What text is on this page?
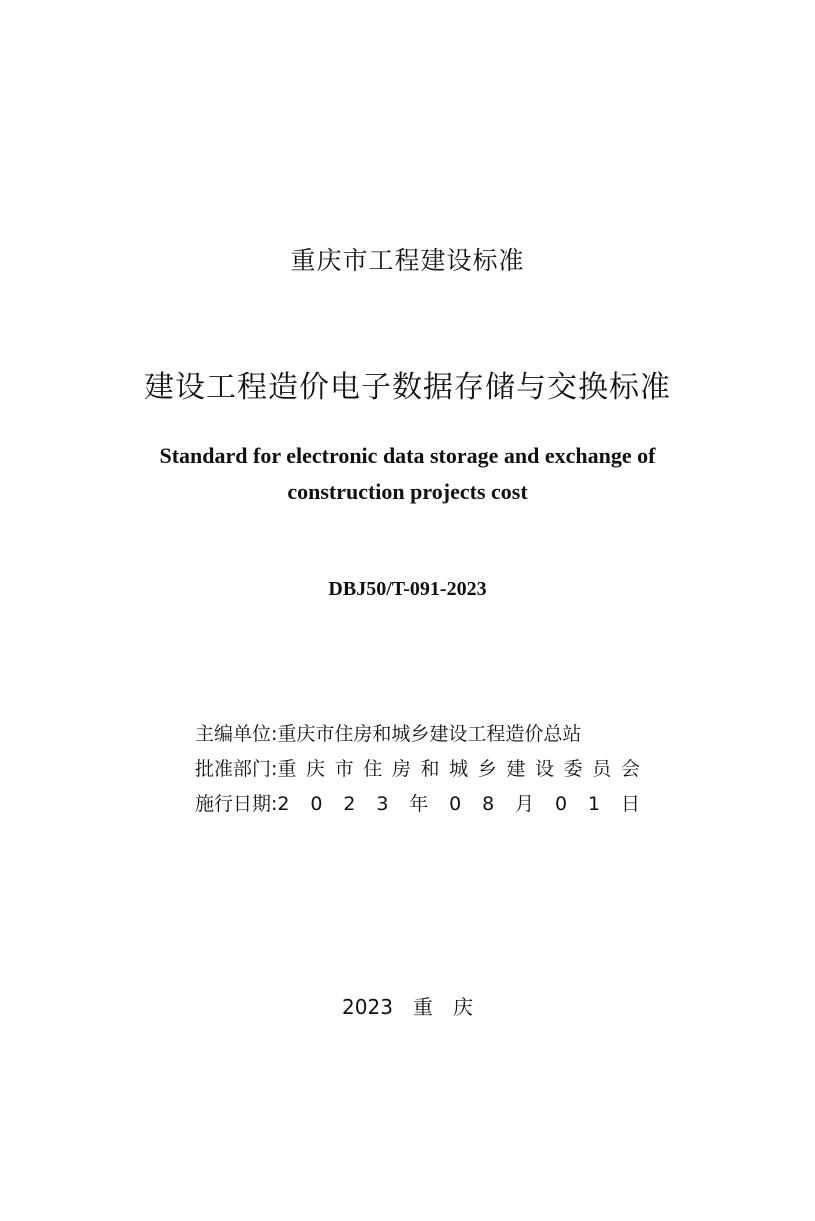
重庆市工程建设标准
建设工程造价电子数据存储与交换标准
Standard for electronic data storage and exchange of
construction projects cost
DBJ50/T-091-2023
主编单位: 重庆市住房和城乡建设工程造价总站
批准部门: 重 庆 市 住 房 和 城 乡 建 设 委 员 会
施行日期: 2 0 2 3 年 0 8 月 0 1 日
2023 重 庆
